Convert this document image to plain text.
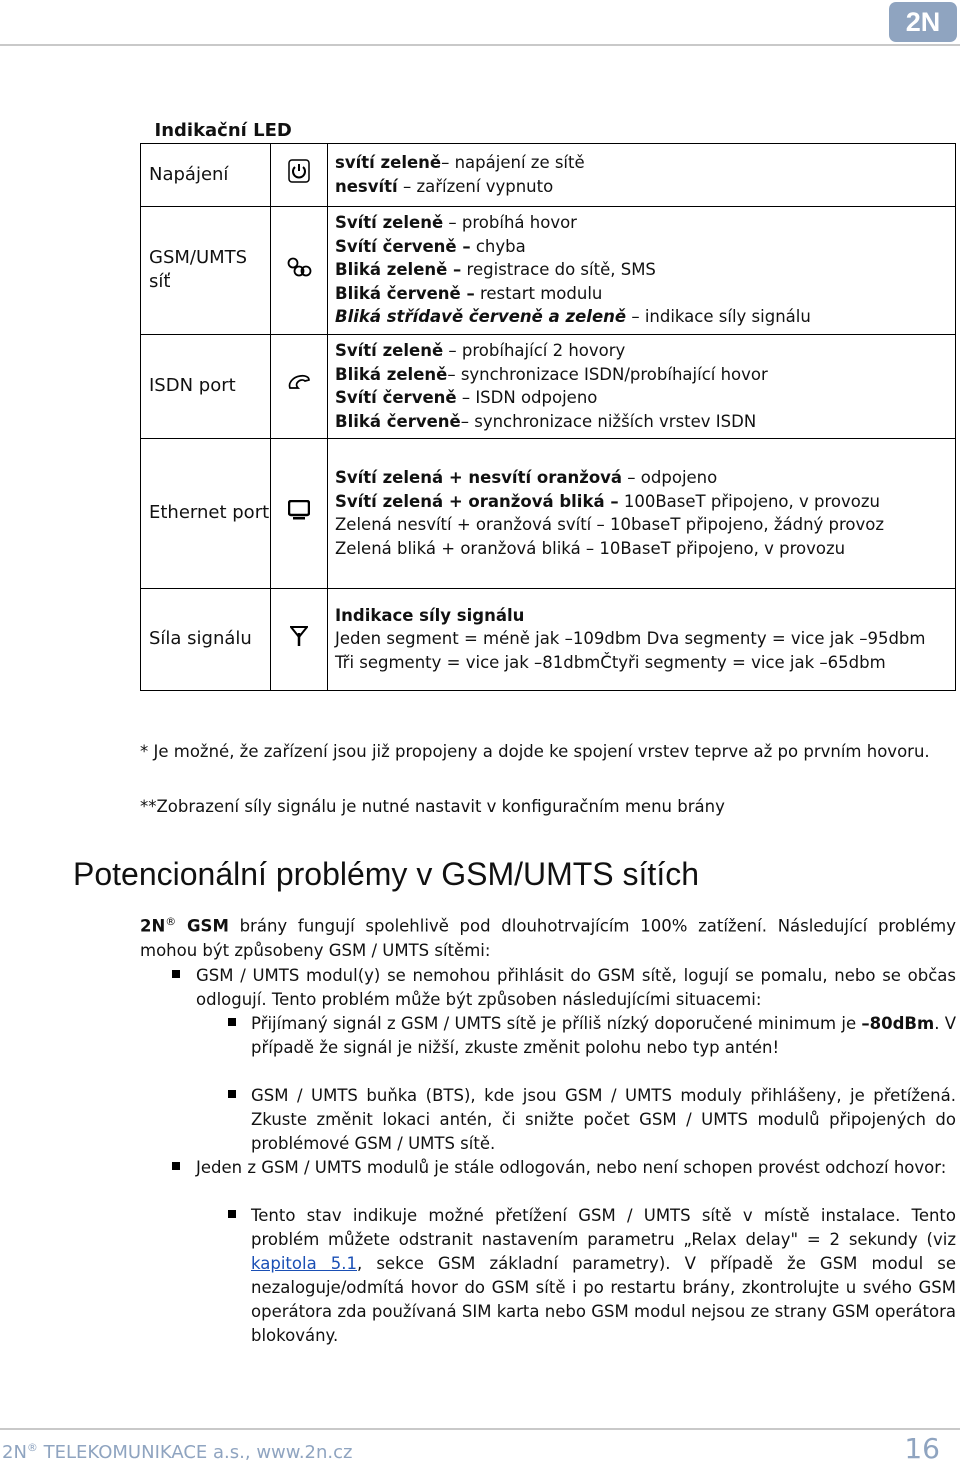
2N
Indikační LED		
Napájení		svítí zeleně– napájení ze sítě
nesvítí – zařízení vypnuto

GSM/UMTS síť		Svítí zeleně – probíhá hovor
Svítí červeně – chyba
Bliká zeleně – registrace do sítě, SMS
Bliká červeně – restart modulu
Bliká střídavě červeně a zeleně – indikace síly signálu

ISDN port		Svítí zeleně – probíhající 2 hovory
Bliká zeleně– synchronizace ISDN/probíhající hovor
Svítí červeně – ISDN odpojeno
Bliká červeně– synchronizace nižších vrstev ISDN

Ethernet port		Svítí zelená + nesvítí oranžová – odpojeno
Svítí zelená + oranžová bliká – 100BaseT připojeno, v provozu
Zelená nesvítí + oranžová svítí – 10baseT připojeno, žádný provoz
Zelená bliká + oranžová bliká – 10BaseT připojeno, v provozu

Síla signálu		Indikace síly signálu
Jeden segment = méně jak –109dbm Dva segmenty = vice jak –95dbm Tři segmenty = vice jak –81dbmČtyři segmenty = vice jak –65dbm
* Je možné, že zařízení jsou již propojeny a dojde ke spojení vrstev teprve až po prvním hovoru.
**Zobrazení síly signálu je nutné nastavit v konfiguračním menu brány
Potencionální problémy v GSM/UMTS sítích
2N® GSM brány fungují spolehlivě pod dlouhotrvajícím 100% zatížení. Následující problémy mohou být způsobeny GSM / UMTS sítěmi:
GSM / UMTS modul(y) se nemohou přihlásit do GSM sítě, logují se pomalu, nebo se občas odlogují. Tento problém může být způsoben následujícími situacemi:
Přijímaný signál z GSM / UMTS sítě je příliš nízký doporučené minimum je –80dBm. V případě že signál je nižší, zkuste změnit polohu nebo typ antén!
GSM / UMTS buňka (BTS), kde jsou GSM / UMTS moduly přihlášeny, je přetížená. Zkuste změnit lokaci antén, či snižte počet GSM / UMTS modulů připojených do problémové GSM / UMTS sítě.
Jeden z GSM / UMTS modulů je stále odlogován, nebo není schopen provést odchozí hovor:
Tento stav indikuje možné přetížení GSM / UMTS sítě v místě instalace. Tento problém můžete odstranit nastavením parametru „Relax delay" = 2 sekundy (viz kapitola 5.1, sekce GSM základní parametry). V případě že GSM modul se nezaloguje/odmítá hovor do GSM sítě i po restartu brány, zkontrolujte u svého GSM operátora zda používaná SIM karta nebo GSM modul nejsou ze strany GSM operátora blokovány.
2N® TELEKOMUNIKACE a.s., www.2n.cz	16
